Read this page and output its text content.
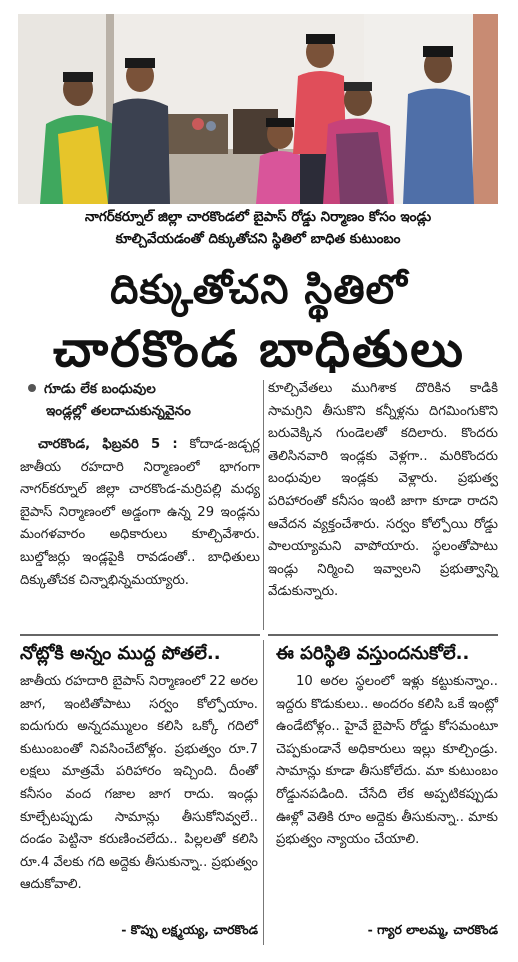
నాగర్‌కర్నూల్ జిల్లా చారకొండలో బైపాస్ రోడ్డు నిర్మాణం కోసం ఇండ్లు
కూల్చివేయడంతో దిక్కుతోచని స్థితిలో బాధిత కుటుంబం
దిక్కుతోచని స్థితిలో
చారకొండ బాధితులు
గూడు లేక బంధువుల
ఇండ్లల్లో తలదాచుకున్నవైనం
చారకొండ, ఫిబ్రవరి 5 : కోదాడ-జడ్చర్ల జాతీయ రహదారి నిర్మాణంలో భాగంగా నాగర్‌కర్నూల్ జిల్లా చారకొండ-మర్రిపల్లి మధ్య బైపాస్ నిర్మాణంలో అడ్డంగా ఉన్న 29 ఇండ్లను మంగళవారం అధికారులు కూల్చివేశారు. బుల్డోజర్లు ఇండ్లపైకి రావడంతో.. బాధితులు దిక్కుతోచక చిన్నాభిన్నమయ్యారు.
కూల్చివేతలు ముగిశాక దొరికిన కాడికి సామగ్రిని తీసుకొని కన్నీళ్లను దిగమింగుకొని బరువెక్కిన గుండెలతో కదిలారు. కొందరు తెలిసినవారి ఇండ్లకు వెళ్లగా.. మరికొందరు బంధువుల ఇండ్లకు వెళ్లారు. ప్రభుత్వ పరిహారంతో కనీసం ఇంటి జాగా కూడా రాదని ఆవేదన వ్యక్తంచేశారు. సర్వం కోల్పోయి రోడ్డు పాలయ్యామని వాపోయారు. స్థలంతోపాటు ఇండ్లు నిర్మించి ఇవ్వాలని ప్రభుత్వాన్ని వేడుకున్నారు.
నోట్లోకి అన్నం ముద్ద పోతలే..
జాతీయ రహదారి బైపాస్ నిర్మాణంలో 22 అరల జాగ, ఇంటితోపాటు సర్వం కోల్పోయాం. ఐదుగురు అన్నదమ్ములం కలిసి ఒక్కో గదిలో కుటుంబంతో నివసించేటోళ్లం. ప్రభుత్వం రూ.7 లక్షలు మాత్రమే పరిహారం ఇచ్చింది. దీంతో కనీసం వంద గజాల జాగ రాదు. ఇండ్లు కూల్చేటప్పుడు సామాన్లు తీసుకోనివ్వలే.. దండం పెట్టినా కరుణించలేదు.. పిల్లలతో కలిసి రూ.4 వేలకు గది అద్దెకు తీసుకున్నా.. ప్రభుత్వం ఆదుకోవాలి.
- కొప్పు లక్ష్మయ్య, చారకొండ
ఈ పరిస్థితి వస్తుందనుకోలే..
10 అరల స్థలంలో ఇళ్లు కట్టుకున్నాం.. ఇద్దరు కొడుకులు.. అందరం కలిసి ఒకే ఇంట్లో ఉండేటోళ్లం.. హైవే బైపాస్ రోడ్డు కోసమంటూ చెప్పకుండానే అధికారులు ఇల్లు కూల్చిండ్రు. సామాన్లు కూడా తీసుకోలేదు. మా కుటుంబం రోడ్డునపడింది. చేసేది లేక అప్పటికప్పుడు ఊళ్లో వెతికి రూం అద్దెకు తీసుకున్నా.. మాకు ప్రభుత్వం న్యాయం చేయాలి.
- గ్యార లాలమ్మ, చారకొండ
